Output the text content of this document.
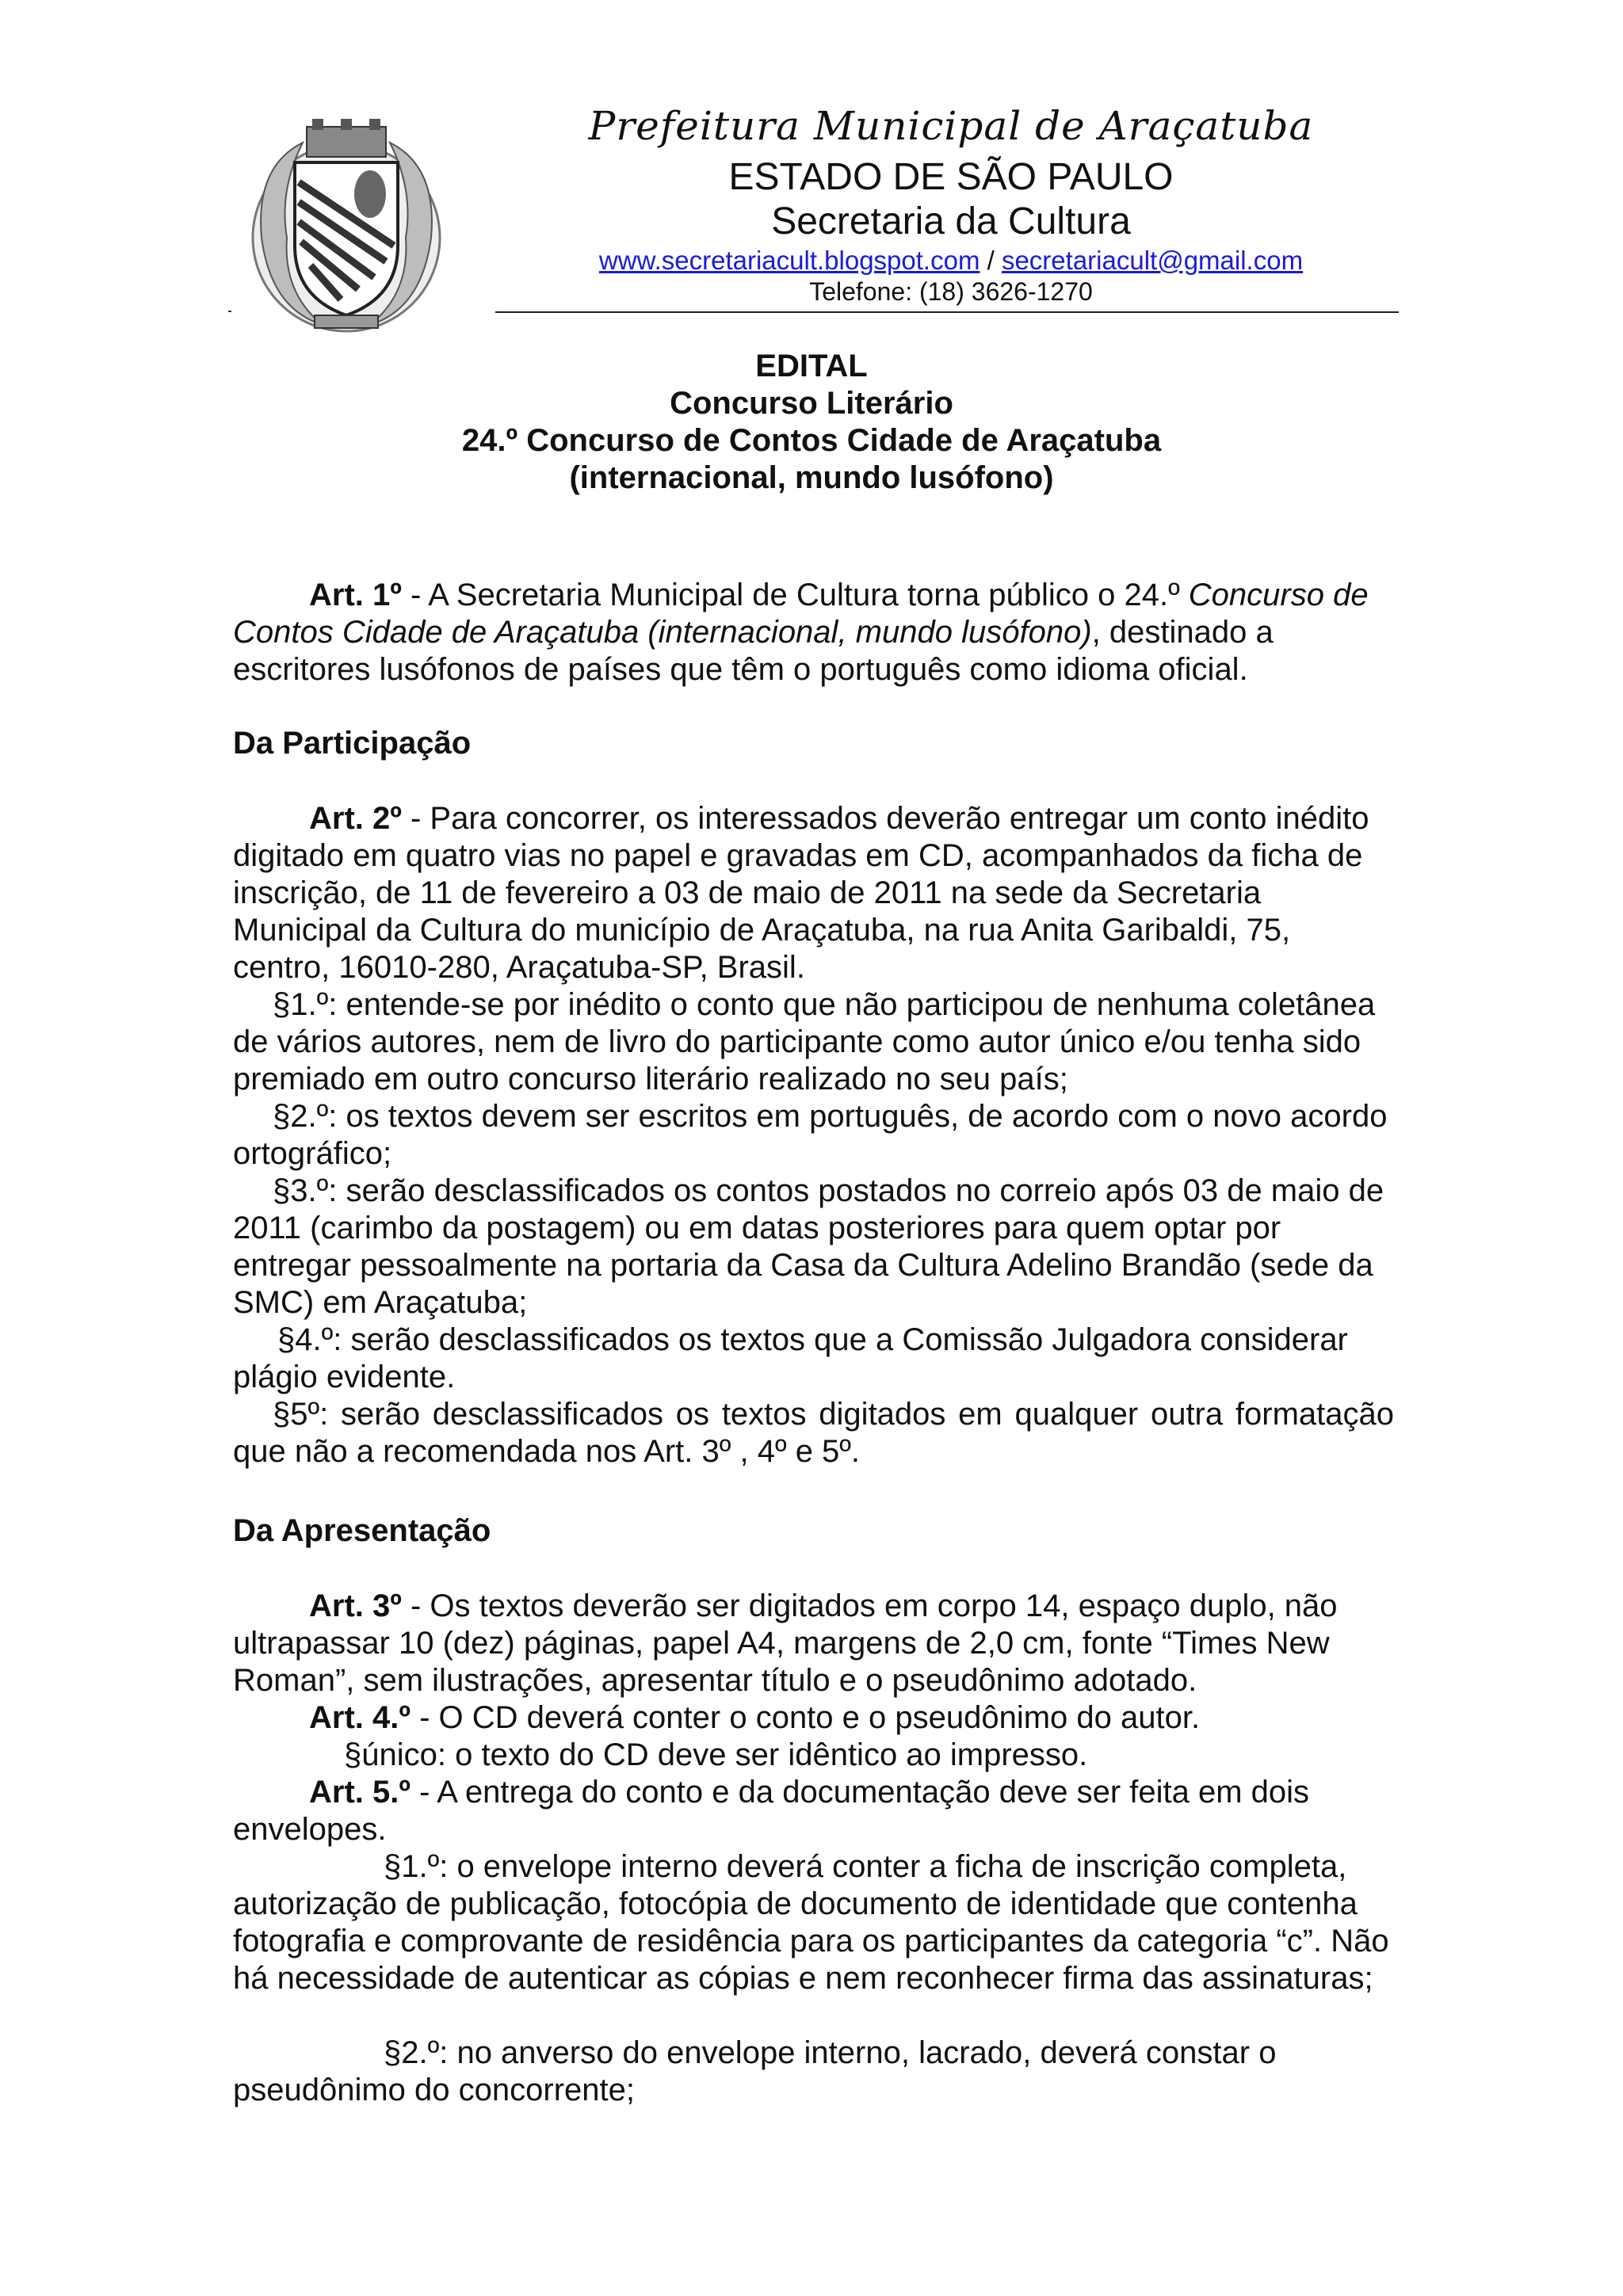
Prefeitura Municipal de Araçatuba
ESTADO DE SÃO PAULO
Secretaria da Cultura
www.secretariacult.blogspot.com / secretariacult@gmail.com
Telefone: (18) 3626-1270
EDITAL
Concurso Literário
24.º Concurso de Contos Cidade de Araçatuba
(internacional, mundo lusófono)

Art. 1º - A Secretaria Municipal de Cultura torna público o 24.º Concurso de Contos Cidade de Araçatuba (internacional, mundo lusófono), destinado a escritores lusófonos de países que têm o português como idioma oficial.

Da Participação

Art. 2º - Para concorrer, os interessados deverão entregar um conto inédito digitado em quatro vias no papel e gravadas em CD, acompanhados da ficha de inscrição, de 11 de fevereiro a 03 de maio de 2011 na sede da Secretaria Municipal da Cultura do município de Araçatuba, na rua Anita Garibaldi, 75, centro, 16010-280, Araçatuba-SP, Brasil.

§1.º: entende-se por inédito o conto que não participou de nenhuma coletânea de vários autores, nem de livro do participante como autor único e/ou tenha sido premiado em outro concurso literário realizado no seu país;

§2.º: os textos devem ser escritos em português, de acordo com o novo acordo ortográfico;

§3.º: serão desclassificados os contos postados no correio após 03 de maio de 2011 (carimbo da postagem) ou em datas posteriores para quem optar por entregar pessoalmente na portaria da Casa da Cultura Adelino Brandão (sede da SMC) em Araçatuba;

§4.º: serão desclassificados os textos que a Comissão Julgadora considerar plágio evidente.

§5º: serão desclassificados os textos digitados em qualquer outra formatação que não a recomendada nos Art. 3º , 4º e 5º.

Da Apresentação

Art. 3º - Os textos deverão ser digitados em corpo 14, espaço duplo, não ultrapassar 10 (dez) páginas, papel A4, margens de 2,0 cm, fonte “Times New Roman”, sem ilustrações, apresentar título e o pseudônimo adotado.

Art. 4.º - O CD deverá conter o conto e o pseudônimo do autor.

§único: o texto do CD deve ser idêntico ao impresso.

Art. 5.º - A entrega do conto e da documentação deve ser feita em dois envelopes.

§1.º: o envelope interno deverá conter a ficha de inscrição completa, autorização de publicação, fotocópia de documento de identidade que contenha fotografia e comprovante de residência para os participantes da categoria “c”. Não há necessidade de autenticar as cópias e nem reconhecer firma das assinaturas;

§2.º: no anverso do envelope interno, lacrado, deverá constar o pseudônimo do concorrente;
